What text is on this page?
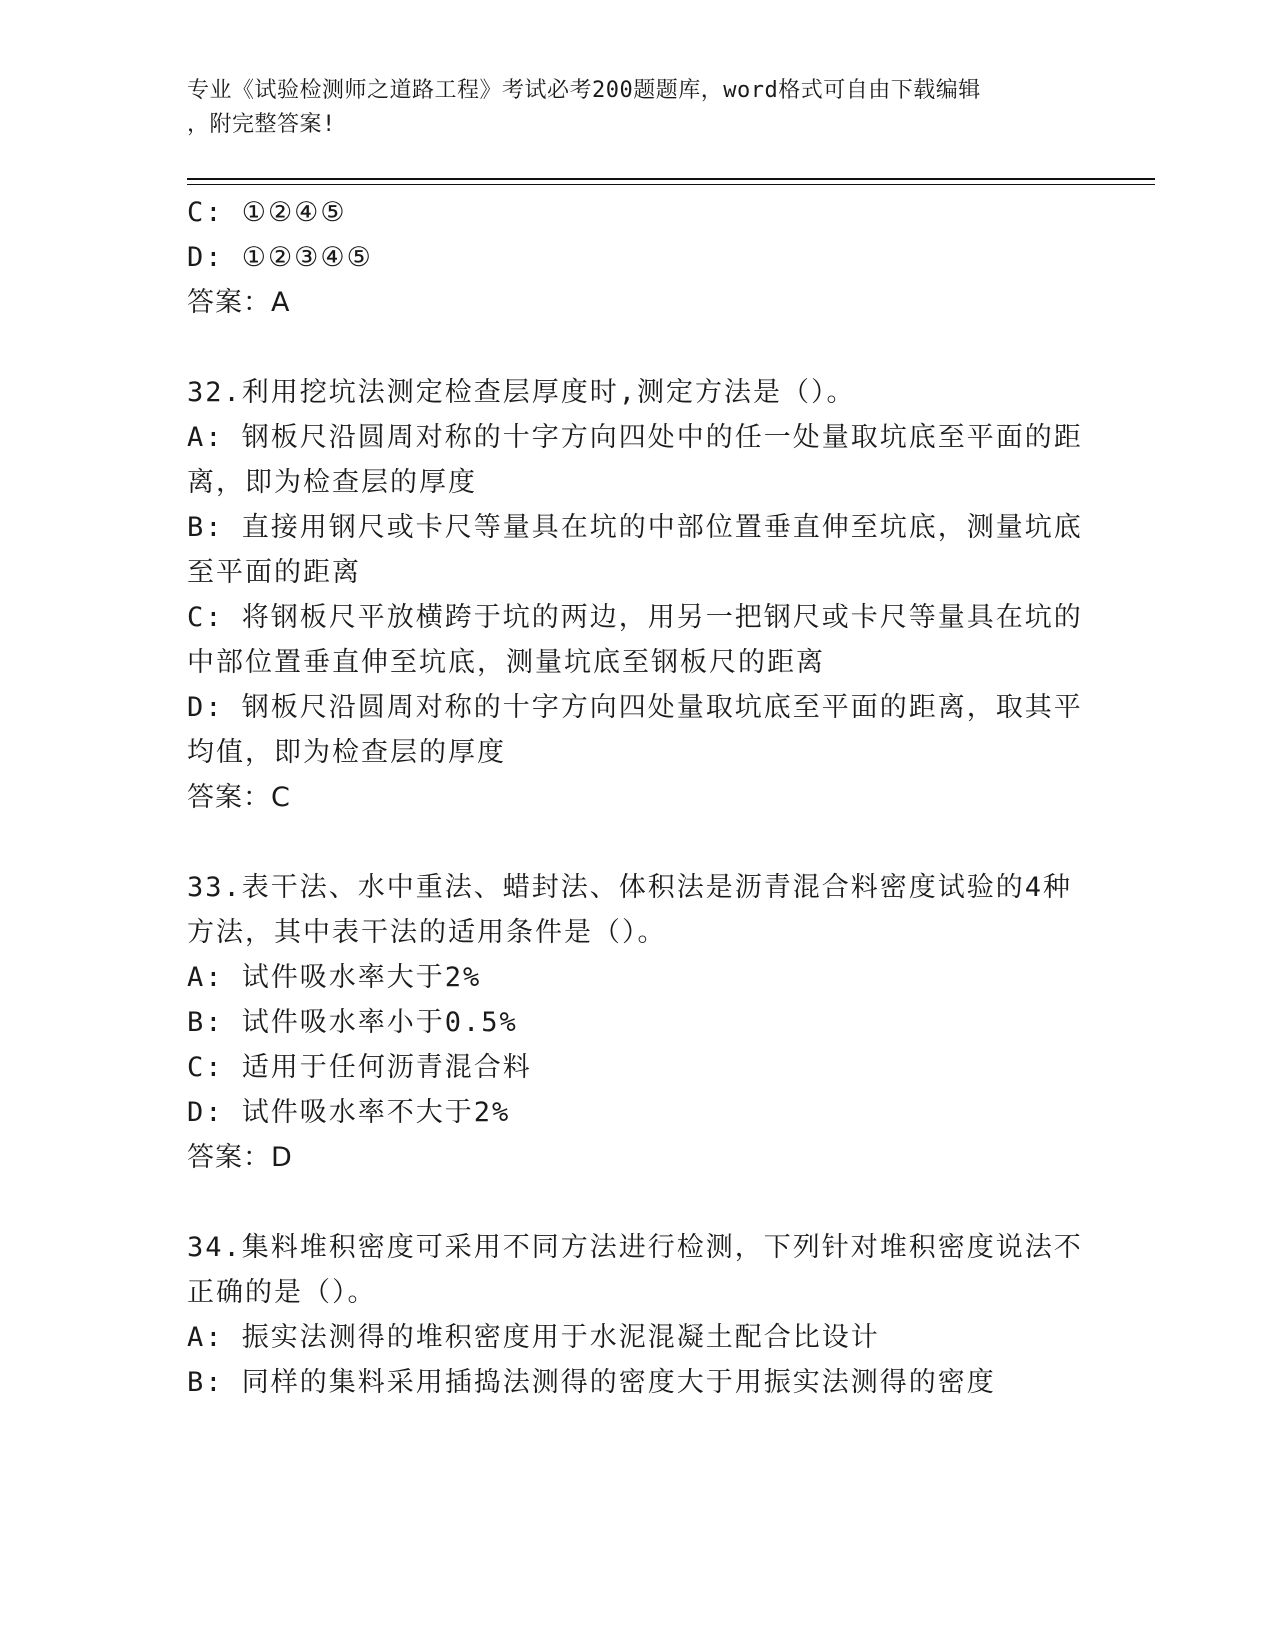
专业《试验检测师之道路工程》考试必考200题题库，word格式可自由下载编辑
，附完整答案!
C: ①②④⑤
D: ①②③④⑤
答案：A
32.利用挖坑法测定检查层厚度时,测定方法是（）。
A: 钢板尺沿圆周对称的十字方向四处中的任一处量取坑底至平面的距
离，即为检查层的厚度
B: 直接用钢尺或卡尺等量具在坑的中部位置垂直伸至坑底，测量坑底
至平面的距离
C: 将钢板尺平放横跨于坑的两边，用另一把钢尺或卡尺等量具在坑的
中部位置垂直伸至坑底，测量坑底至钢板尺的距离
D: 钢板尺沿圆周对称的十字方向四处量取坑底至平面的距离，取其平
均值，即为检查层的厚度
答案：C
33.表干法、水中重法、蜡封法、体积法是沥青混合料密度试验的4种
方法，其中表干法的适用条件是（）。
A: 试件吸水率大于2%
B: 试件吸水率小于0.5%
C: 适用于任何沥青混合料
D: 试件吸水率不大于2%
答案：D
34.集料堆积密度可采用不同方法进行检测，下列针对堆积密度说法不
正确的是（）。
A: 振实法测得的堆积密度用于水泥混凝土配合比设计
B: 同样的集料采用插捣法测得的密度大于用振实法测得的密度
